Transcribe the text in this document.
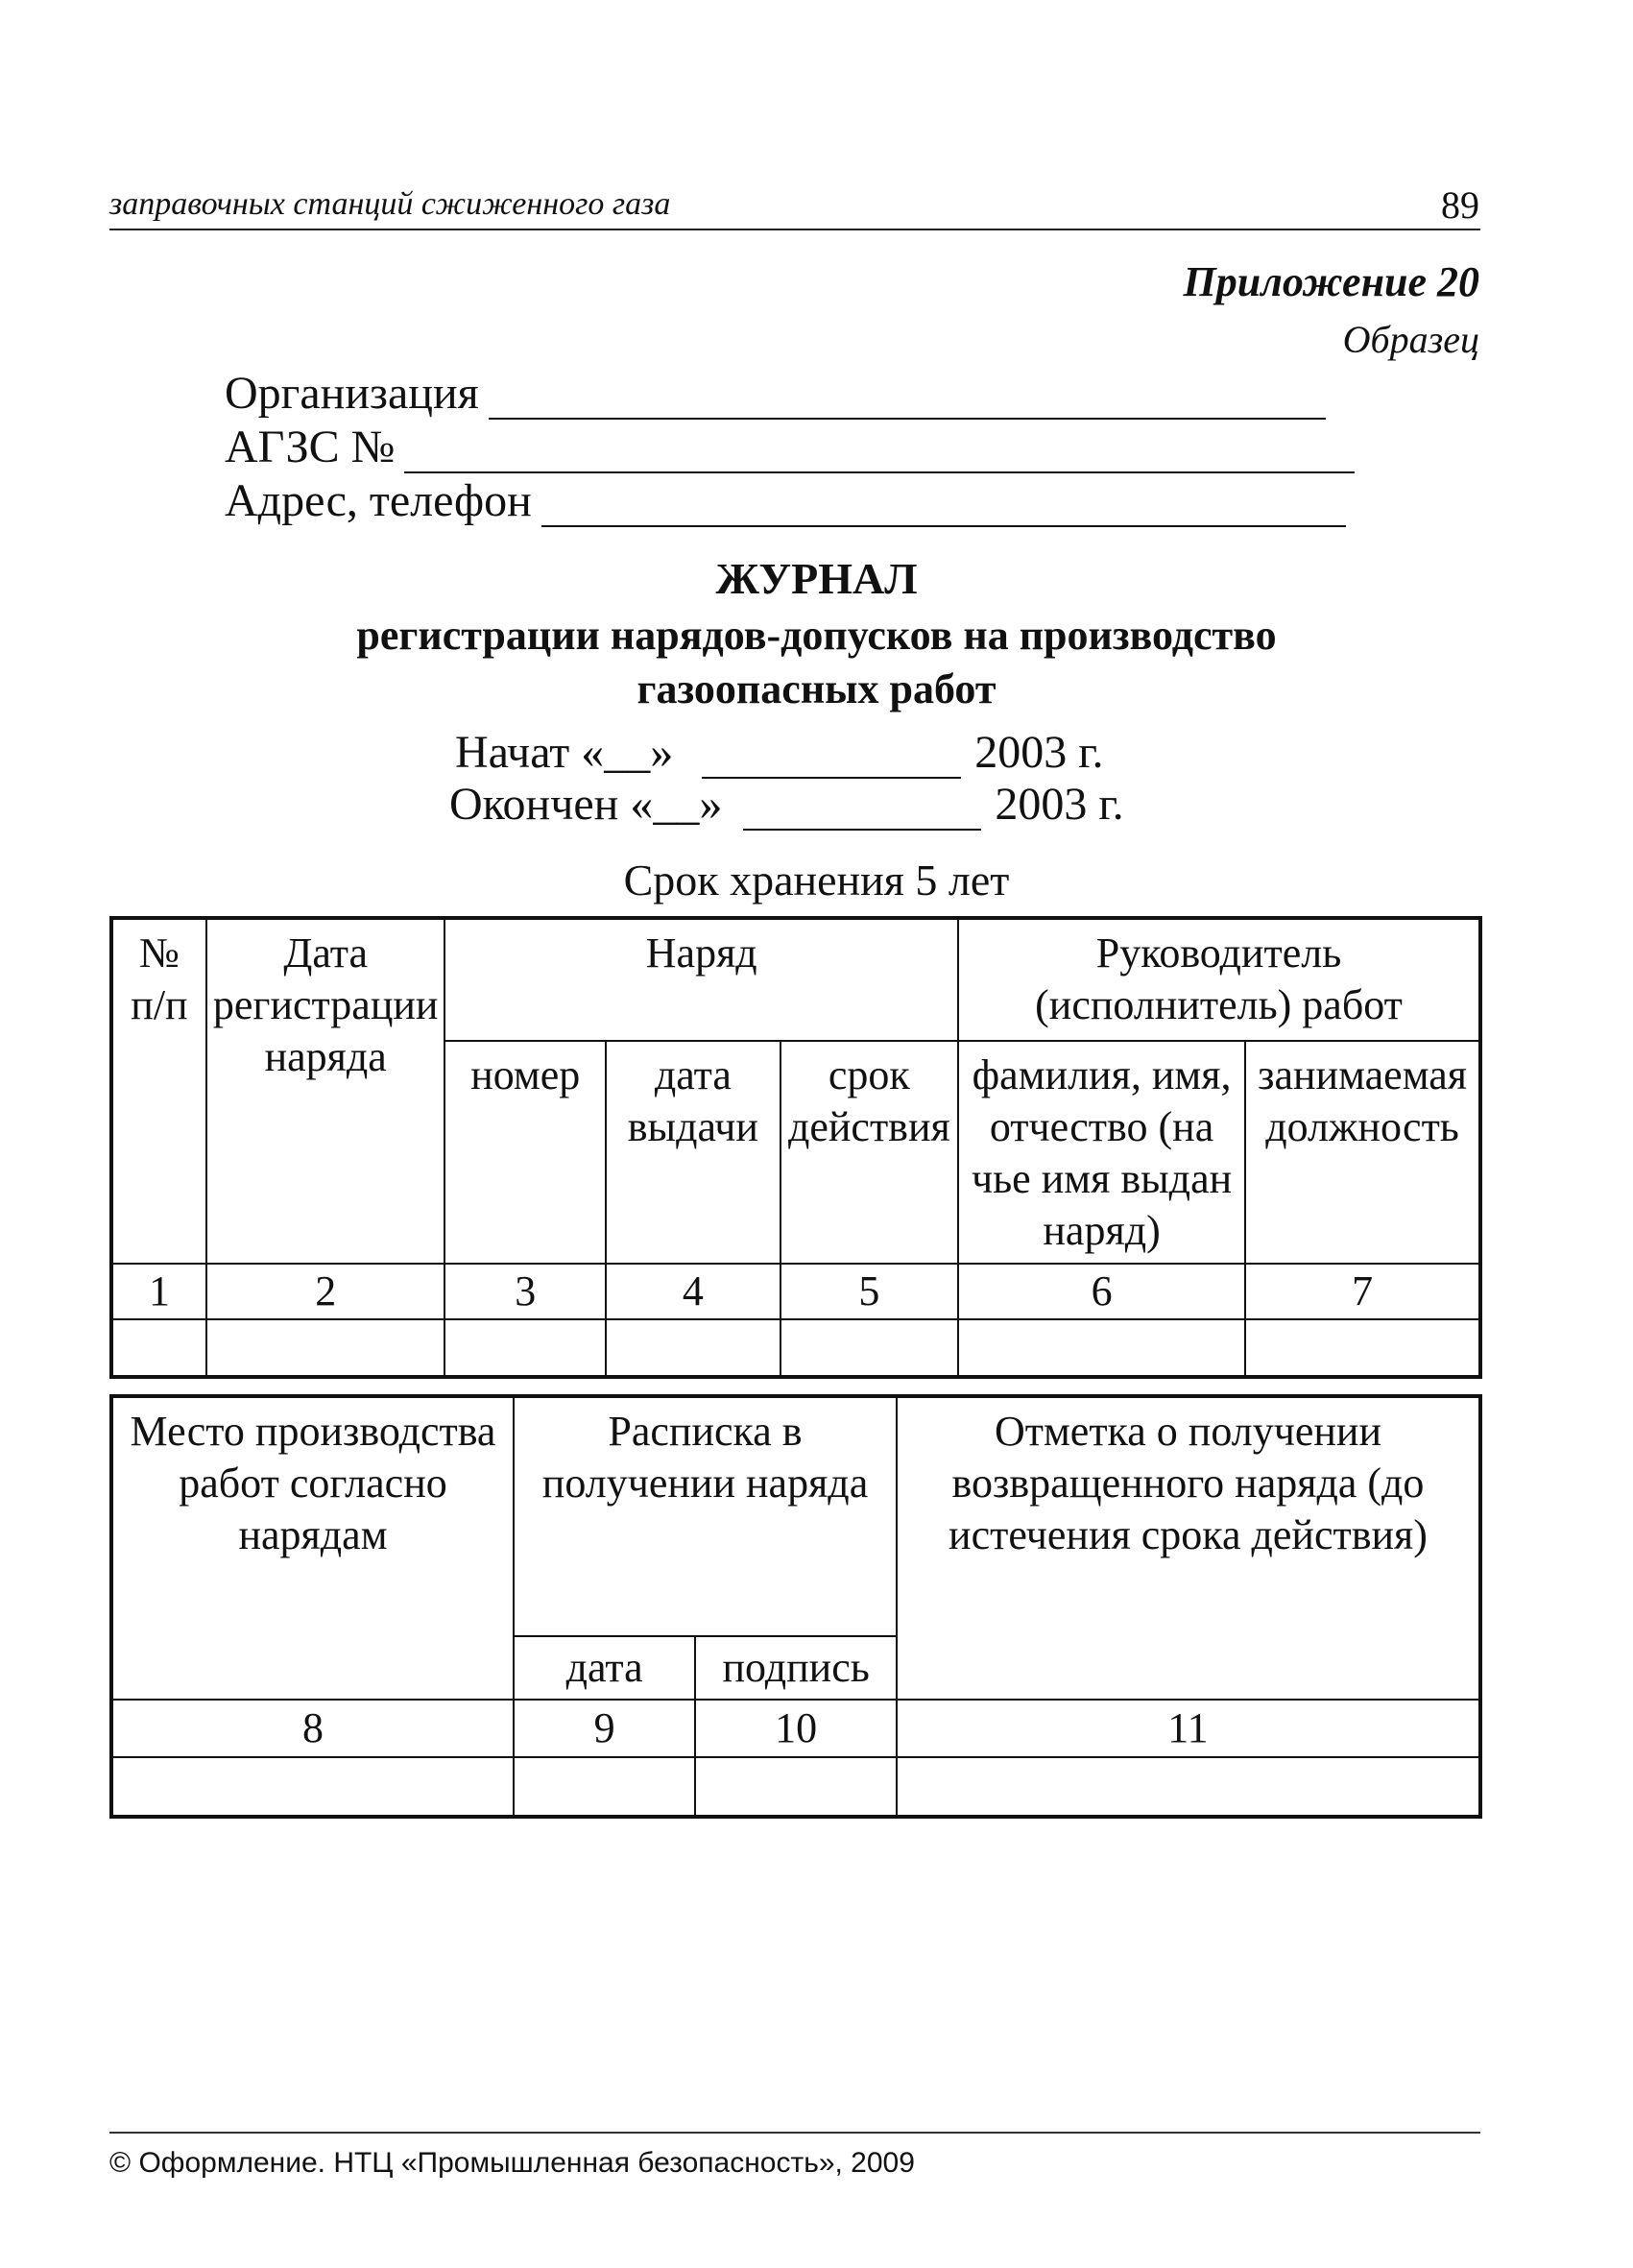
заправочных станций сжиженного газа	89
Приложение 20
Образец
Организация
АГЗС №
Адрес, телефон
ЖУРНАЛ
регистрации нарядов-допусков на производство
газоопасных работ
Начат «__»	2003 г.
Окончен «__»	2003 г.
Срок хранения 5 лет
№ п/п	Дата регистрации наряда	Наряд			Руководитель (исполнитель) работ	
		номер	дата выдачи	срок действия	фамилия, имя, отчество (на чье имя выдан наряд)	занимаемая должность
1	2	3	4	5	6	7

Место производства работ согласно нарядам	Расписка в получении наряда		Отметка о получении возвращенного наряда (до истечения срока действия)
	дата	подпись	
8	9	10	11

© Оформление. НТЦ «Промышленная безопасность», 2009
